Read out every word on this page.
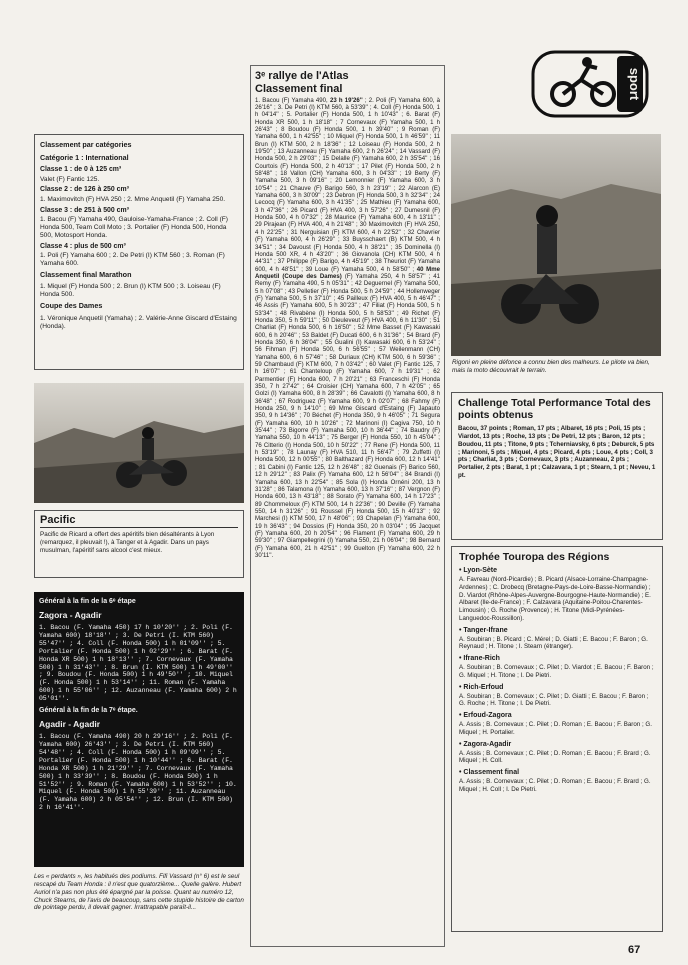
Classement par catégories
Catégorie 1 : International
Classe 1 : de 0 à 125 cm³

Valet (F) Fantic 125.

Classe 2 : de 126 à 250 cm³

1. Maximovitch (F) HVA 250 ; 2. Mme Anquetil (F) Yamaha 250.

Classe 3 : de 251 à 500 cm³

1. Bacou (F) Yamaha 490, Gauloise-Yamaha-France ; 2. Coll (F) Honda 500, Team Coll Moto ; 3. Portalier (F) Honda 500, Honda 500, Motosport Honda.

Classe 4 : plus de 500 cm³

1. Poli (F) Yamaha 600 ; 2. De Petri (I) KTM 560 ; 3. Roman (F) Yamaha 600.

Classement final Marathon

1. Miquel (F) Honda 500 ; 2. Brun (I) KTM 500 ; 3. Loiseau (F) Honda 500.

Coupe des Dames

1. Véronique Anquetil (Yamaha) ; 2. Valérie-Anne Giscard d'Estaing (Honda).

Pacific

Pacific de Ricard a offert des apéritifs bien désaltérants à Lyon (remarquez, il pleuvait !), à Tanger et à Agadir. Dans un pays musulman, l'apéritif sans alcool c'est mieux.

Général à la fin de la 6ᵉ étape
Zagora - Agadir

1. Bacou (F. Yamaha 450) 17 h 10'20'' ; 2. Poli (F. Yamaha 600) 18'18'' ; 3. De Petri (I. KTM 560) 55'47'' ; 4. Coll (F. Honda 500) 1 h 01'09'' ; 5. Portalier (F. Honda 500) 1 h 02'29'' ; 6. Barat (F. Honda XR 500) 1 h 18'13'' ; 7. Cornevaux (F. Yamaha 500) 1 h 31'43'' ; 8. Brun (I. KTM 500) 1 h 49'00'' ; 9. Boudou (F. Honda 500) 1 h 49'50'' ; 10. Miquel (F. Honda 500) 1 h 53'14'' ; 11. Roman (F. Yamaha 600) 1 h 55'06'' ; 12. Auzanneau (F. Yamaha 600) 2 h 05'01''.

Général à la fin de la 7ᵉ étape.
Agadir - Agadir

1. Bacou (F. Yamaha 490) 20 h 29'16'' ; 2. Poli (F. Yamaha 600) 26'43'' ; 3. De Petri (I. KTM 560) 54'48'' ; 4. Coll (F. Honda 500) 1 h 09'09'' ; 5. Portalier (F. Honda 500) 1 h 10'44'' ; 6. Barat (F. Honda XR 500) 1 h 21'29'' ; 7. Cornevaux (F. Yamaha 500) 1 h 33'39'' ; 8. Boudou (F. Honda 500) 1 h 51'52'' ; 9. Roman (F. Yamaha 600) 1 h 53'52'' ; 10. Miquel (F. Honda 500) 1 h 55'39'' ; 11. Auzanneau (F. Yamaha 600) 2 h 05'54'' ; 12. Brun (I. KTM 500) 2 h 16'41''.

Les « perdants », les habitués des podiums. Fifi Vassard (n° 6) est le seul rescapé du Team Honda : il n'est que quatorzième... Quelle galère. Hubert Auriol n'a pas non plus été épargné par la poisse. Quant au numéro 12, Chuck Stearns, de l'avis de beaucoup, sans cette stupide histoire de carton de pointage perdu, il devait gagner. Irrattrapable paraît-il...
3ᵉ rallye de l'Atlas
Classement final
1. Bacou (F) Yamaha 490, 23 h 19'26'' ; 2. Poli (F) Yamaha 600, à 26'16'' ; 3. De Petri (I) KTM 560, à 53'39'' ; 4. Coll (F) Honda 500, 1 h 04'14'' ; 5. Portalier (F) Honda 500, 1 h 10'43'' ; 6. Barat (F) Honda XR 500, 1 h 18'18'' ; 7 Cornevaux (F) Yamaha 500, 1 h 26'43'' ; 8 Boudou (F) Honda 500, 1 h 39'40'' ; 9 Roman (F) Yamaha 600, 1 h 42'55'' ; 10 Miquel (F) Honda 500, 1 h 46'59'' ; 11 Brun (I) KTM 500, 2 h 18'36'' ; 12 Loiseau (F) Honda 500, 2 h 19'50'' ; 13 Auzanneau (F) Yamaha 600, 2 h 26'24'' ; 14 Vassard (F) Honda 500, 2 h 29'03'' ; 15 Delalle (F) Yamaha 600, 2 h 35'54'' ; 16 Courtois (F) Honda 500, 2 h 40'13'' ; 17 Pilet (F) Honda 500, 2 h 58'48'' ; 18 Vallon (CH) Yamaha 600, 3 h 04'33'' ; 19 Berty (F) Yamaha 500, 3 h 09'16'' ; 20 Lemonnier (F) Yamaha 600, 3 h 10'54'' ; 21 Chauve (F) Barigo 560, 3 h 23'19'' ; 22 Alarcon (E) Yamaha 600, 3 h 30'09'' ; 23 Debron (F) Honda 500, 3 h 32'34'' ; 24 Lecocq (F) Yamaha 600, 3 h 41'35'' ; 25 Mathieu (F) Yamaha 600, 3 h 47'36'' ; 26 Picard (F) HVA 400, 3 h 57'26'' ; 27 Dumesnil (F) Honda 500, 4 h 07'32'' ; 28 Maurice (F) Yamaha 600, 4 h 13'11'' ; 29 Pirajean (F) HVA 400, 4 h 21'48'' ; 30 Maximovitch (F) HVA 250, 4 h 22'25'' ; 31 Nerguisian (F) KTM 600, 4 h 22'52'' ; 32 Chavrier (F) Yamaha 600, 4 h 26'29'' ; 33 Buysschaert (B) KTM 500, 4 h 34'51'' ; 34 Davoust (F) Honda 500, 4 h 38'21'' ; 35 Dominella (I) Honda 500 XR, 4 h 43'20'' ; 36 Giovanola (CH) KTM 500, 4 h 44'31'' ; 37 Philippe (F) Barigo, 4 h 45'19'' ; 38 Theuriot (F) Yamaha 600, 4 h 48'51'' ; 39 Loue (F) Yamaha 500, 4 h 58'50'' ; 40 Mme Anquetil (Coupe des Dames) (F) Yamaha 250, 4 h 58'57'' ; 41 Remy (F) Yamaha 490, 5 h 05'31'' ; 42 Deguernel (F) Yamaha 500, 5 h 07'08'' ; 43 Pelletier (F) Honda 500, 5 h 24'59'' ; 44 Hollenweger (F) Yamaha 500, 5 h 37'10'' ; 45 Pailleux (F) HVA 400, 5 h 46'47'' ; 46 Assis (F) Yamaha 600, 5 h 30'23'' ; 47 Filiat (F) Honda 500, 5 h 53'34'' ; 48 Rivabène (I) Honda 500, 5 h 58'53'' ; 49 Richet (F) Honda 350, 5 h 59'11'' ; 50 Dieuleveut (F) HVA 400, 6 h 11'30'' ; 51 Charliat (F) Honda 500, 6 h 16'50'' ; 52 Mme Basset (F) Kawasaki 600, 6 h 20'46'' ; 53 Baldet (F) Ducati 600, 6 h 31'36'' ; 54 Brard (F) Honda 350, 6 h 36'04'' ; 55 Gualini (I) Kawasaki 600, 6 h 53'24'' ; 56 Fihman (F) Honda 500, 6 h 56'55'' ; 57 Weilenmann (CH) Yamaha 600, 6 h 57'46'' ; 58 Duriaux (CH) KTM 500, 6 h 59'36'' ; 59 Chambaud (F) KTM 600, 7 h 03'42'' ; 60 Valet (F) Fantic 125, 7 h 16'07'' ; 61 Chanteloup (F) Yamaha 600, 7 h 19'31'' ; 62 Parmentier (F) Honda 600, 7 h 20'21'' ; 63 Franceschi (F) Honda 350, 7 h 27'42'' ; 64 Croisier (CH) Yamaha 600, 7 h 42'05'' ; 65 Golzi (I) Yamaha 600, 8 h 28'39'' ; 66 Cavalotti (I) Yamaha 600, 8 h 36'48'' ; 67 Rodriguez (F) Yamaha 600, 9 h 02'07'' ; 68 Fahmy (F) Honda 250, 9 h 14'10'' ; 69 Mme Giscard d'Estaing (F) Japauto 350, 9 h 14'36'' ; 70 Béchet (F) Honda 350, 9 h 46'05'' ; 71 Segura (F) Yamaha 600, 10 h 10'26'' ; 72 Marinoni (I) Cagiva 750, 10 h 35'44'' ; 73 Bigorre (F) Yamaha 500, 10 h 36'44'' ; 74 Baudry (F) Yamaha 550, 10 h 44'13'' ; 75 Berger (F) Honda 550, 10 h 45'04'' ; 76 Citterio (I) Honda 500, 10 h 50'22'' ; 77 Rene (F) Honda 500, 11 h 53'19'' ; 78 Launay (F) HVA 510, 11 h 56'47'' ; 79 Zuffetti (I) Honda 500, 12 h 00'55'' ; 80 Balthazard (F) Honda 600, 12 h 14'41'' ; 81 Cabini (I) Fantic 125, 12 h 26'48'' ; 82 Guenais (F) Barico 560, 12 h 29'12'' ; 83 Palix (F) Yamaha 600, 12 h 56'04'' ; 84 Brandi (I) Yamaha 600, 13 h 22'54'' ; 85 Sola (I) Honda Ornéni 200, 13 h 31'28'' ; 86 Talamona (I) Yamaha 600, 13 h 37'16'' ; 87 Vergnon (F) Honda 600, 13 h 43'18'' ; 88 Sorato (F) Yamaha 600, 14 h 17'23'' ; 89 Chommeloux (F) KTM 500, 14 h 22'36'' ; 90 Deville (F) Yamaha 550, 14 h 31'26'' ; 91 Roussel (F) Honda 500, 15 h 40'13'' ; 92 Marchesi (I) KTM 500, 17 h 48'06'' ; 93 Chapelan (F) Yamaha 600, 19 h 36'43'' ; 94 Dossios (F) Honda 350, 20 h 03'04'' ; 95 Jacquet (F) Yamaha 600, 20 h 20'54'' ; 96 Flament (F) Yamaha 600, 29 h 59'30'' ; 97 Giampellegrini (I) Yamaha 550, 21 h 06'04'' ; 98 Bernard (F) Yamaha 600, 21 h 42'51'' ; 99 Guelton (F) Yamaha 600, 22 h 30'11''.
sport
Rigoni en pleine défonce a connu bien des malheurs. Le pilote va bien, mais la moto découvrait le terrain.
Challenge Total Performance Total des points obtenus

Bacou, 37 points ; Roman, 17 pts ; Albaret, 16 pts ; Poli, 15 pts ; Viardot, 13 pts ; Roche, 13 pts ; De Petri, 12 pts ; Baron, 12 pts ; Boudou, 11 pts ; Titone, 9 pts ; Tcherniavsky, 6 pts ; Deburck, 5 pts ; Marinoni, 5 pts ; Miquel, 4 pts ; Picard, 4 pts ; Loue, 4 pts ; Coll, 3 pts ; Charliat, 3 pts ; Cornevaux, 3 pts ; Auzanneau, 2 pts ; Portalier, 2 pts ; Barat, 1 pt ; Calzavara, 1 pt ; Stearn, 1 pt ; Neveu, 1 pt.

Trophée Touropa des Régions
• Lyon-Sète

A. Favreau (Nord-Picardie) ; B. Picard (Alsace-Lorraine-Champagne-Ardennes) ; C. Drobecq (Bretagne-Pays-de-Loire-Basse-Normandie) ; D. Viardot (Rhône-Alpes-Auvergne-Bourgogne-Haute-Normandie) ; E. Albaret (Ile-de-France) ; F. Calzavara (Aquitaine-Poitou-Charentes-Limousin) ; G. Roche (Provence) ; H. Titone (Midi-Pyrénées-Languedoc-Roussillon).

• Tanger-Ifrane

A. Soubiran ; B. Picard ; C. Mérel ; D. Giatti ; E. Bacou ; F. Baron ; G. Reynaud ; H. Titone ; I. Stearn (étranger).

• Ifrane-Rich

A. Soubiran ; B. Cornevaux ; C. Pilet ; D. Viardot ; E. Bacou ; F. Baron ; G. Miquel ; H. Titone ; I. De Pietri.

• Rich-Erfoud

A. Soubiran ; B. Cornevaux ; C. Pilet ; D. Giatti ; E. Bacou ; F. Baron ; G. Roche ; H. Titone ; I. De Pietri.

• Erfoud-Zagora

A. Assis ; B. Cornevaux ; C. Pilet ; D. Roman ; E. Bacou ; F. Baron ; G. Miquel ; H. Portalier.

• Zagora-Agadir

A. Assis ; B. Cornevaux ; C. Pilet ; D. Roman ; E. Bacou ; F. Brard ; G. Miquel ; H. Coll.

• Classement final

A. Assis ; B. Cornevaux ; C. Pilet ; D. Roman ; E. Bacou ; F. Brard ; G. Miquel ; H. Coll ; I. De Pietri.

67
